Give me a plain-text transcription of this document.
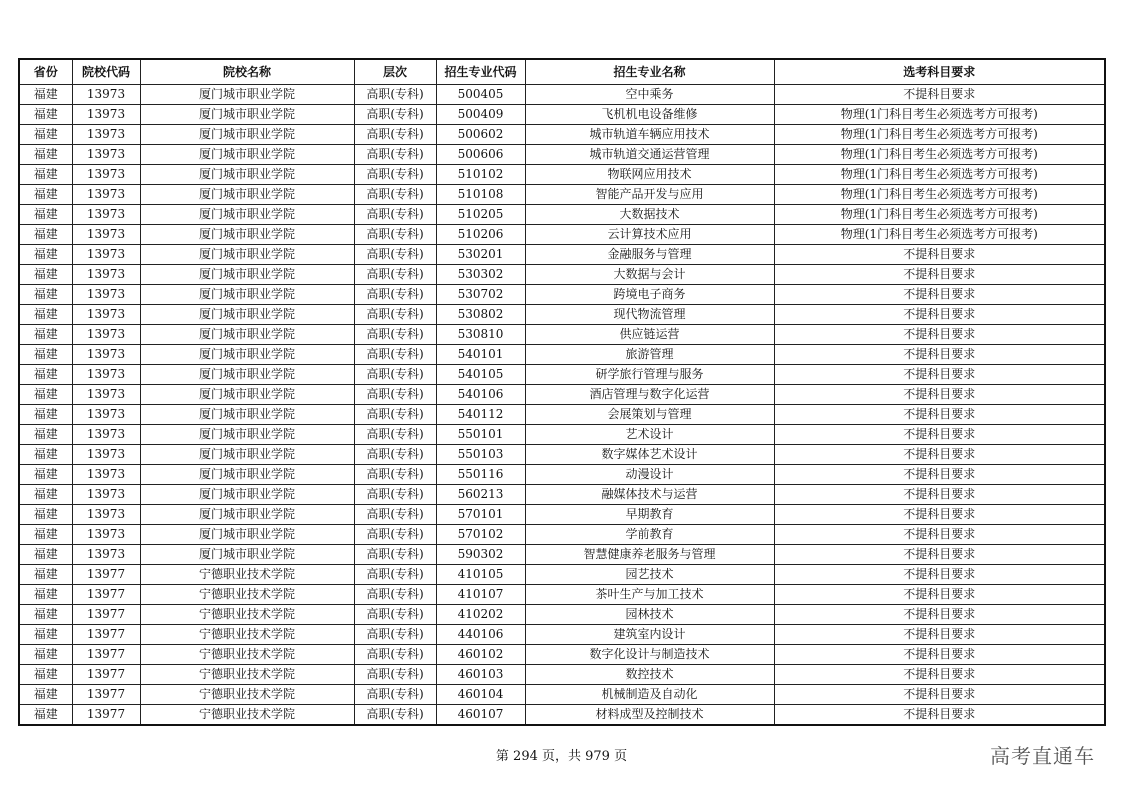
省份	院校代码	院校名称	层次	招生专业代码	招生专业名称	选考科目要求
福建	13973	厦门城市职业学院	高职(专科)	500405	空中乘务	不提科目要求
福建	13973	厦门城市职业学院	高职(专科)	500409	飞机机电设备维修	物理(1门科目考生必须选考方可报考)
福建	13973	厦门城市职业学院	高职(专科)	500602	城市轨道车辆应用技术	物理(1门科目考生必须选考方可报考)
福建	13973	厦门城市职业学院	高职(专科)	500606	城市轨道交通运营管理	物理(1门科目考生必须选考方可报考)
福建	13973	厦门城市职业学院	高职(专科)	510102	物联网应用技术	物理(1门科目考生必须选考方可报考)
福建	13973	厦门城市职业学院	高职(专科)	510108	智能产品开发与应用	物理(1门科目考生必须选考方可报考)
福建	13973	厦门城市职业学院	高职(专科)	510205	大数据技术	物理(1门科目考生必须选考方可报考)
福建	13973	厦门城市职业学院	高职(专科)	510206	云计算技术应用	物理(1门科目考生必须选考方可报考)
福建	13973	厦门城市职业学院	高职(专科)	530201	金融服务与管理	不提科目要求
福建	13973	厦门城市职业学院	高职(专科)	530302	大数据与会计	不提科目要求
福建	13973	厦门城市职业学院	高职(专科)	530702	跨境电子商务	不提科目要求
福建	13973	厦门城市职业学院	高职(专科)	530802	现代物流管理	不提科目要求
福建	13973	厦门城市职业学院	高职(专科)	530810	供应链运营	不提科目要求
福建	13973	厦门城市职业学院	高职(专科)	540101	旅游管理	不提科目要求
福建	13973	厦门城市职业学院	高职(专科)	540105	研学旅行管理与服务	不提科目要求
福建	13973	厦门城市职业学院	高职(专科)	540106	酒店管理与数字化运营	不提科目要求
福建	13973	厦门城市职业学院	高职(专科)	540112	会展策划与管理	不提科目要求
福建	13973	厦门城市职业学院	高职(专科)	550101	艺术设计	不提科目要求
福建	13973	厦门城市职业学院	高职(专科)	550103	数字媒体艺术设计	不提科目要求
福建	13973	厦门城市职业学院	高职(专科)	550116	动漫设计	不提科目要求
福建	13973	厦门城市职业学院	高职(专科)	560213	融媒体技术与运营	不提科目要求
福建	13973	厦门城市职业学院	高职(专科)	570101	早期教育	不提科目要求
福建	13973	厦门城市职业学院	高职(专科)	570102	学前教育	不提科目要求
福建	13973	厦门城市职业学院	高职(专科)	590302	智慧健康养老服务与管理	不提科目要求
福建	13977	宁德职业技术学院	高职(专科)	410105	园艺技术	不提科目要求
福建	13977	宁德职业技术学院	高职(专科)	410107	茶叶生产与加工技术	不提科目要求
福建	13977	宁德职业技术学院	高职(专科)	410202	园林技术	不提科目要求
福建	13977	宁德职业技术学院	高职(专科)	440106	建筑室内设计	不提科目要求
福建	13977	宁德职业技术学院	高职(专科)	460102	数字化设计与制造技术	不提科目要求
福建	13977	宁德职业技术学院	高职(专科)	460103	数控技术	不提科目要求
福建	13977	宁德职业技术学院	高职(专科)	460104	机械制造及自动化	不提科目要求
福建	13977	宁德职业技术学院	高职(专科)	460107	材料成型及控制技术	不提科目要求
第 294 页，共 979 页	高考直通车
